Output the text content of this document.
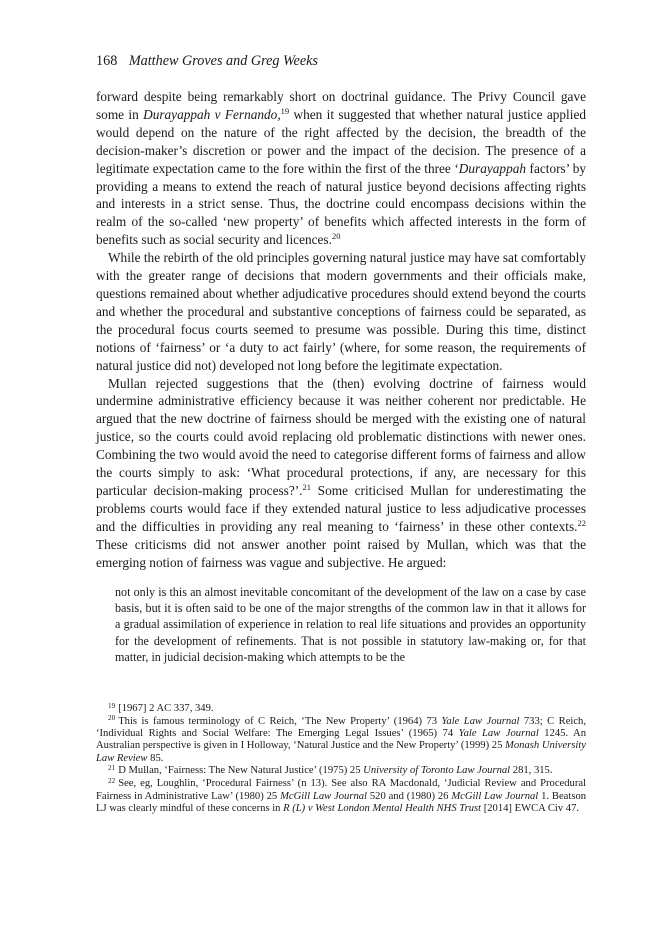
168 Matthew Groves and Greg Weeks

forward despite being remarkably short on doctrinal guidance. The Privy Council gave some in Durayappah v Fernando,$^{19}$ when it suggested that whether natural justice applied would depend on the nature of the right affected by the decision, the breadth of the decision-maker’s discretion or power and the impact of the decision. The presence of a legitimate expectation came to the fore within the first of the three ‘Durayappah factors’ by providing a means to extend the reach of natural justice beyond decisions affecting rights and interests in a strict sense. Thus, the doctrine could encompass decisions within the realm of the so-called ‘new property’ of benefits which affected interests in the form of benefits such as social security and licences.$^{20}$

While the rebirth of the old principles governing natural justice may have sat comfortably with the greater range of decisions that modern governments and their officials make, questions remained about whether adjudicative procedures should extend beyond the courts and whether the procedural and substantive conceptions of fairness could be separated, as the procedural focus courts seemed to presume was possible. During this time, distinct notions of ‘fairness’ or ‘a duty to act fairly’ (where, for some reason, the requirements of natural justice did not) developed not long before the legitimate expectation.

Mullan rejected suggestions that the (then) evolving doctrine of fairness would undermine administrative efficiency because it was neither coherent nor predictable. He argued that the new doctrine of fairness should be merged with the existing one of natural justice, so the courts could avoid replacing old problematic distinctions with newer ones. Combining the two would avoid the need to categorise different forms of fairness and allow the courts simply to ask: ‘What procedural protections, if any, are necessary for this particular decision-making process?’.$^{21}$ Some criticised Mullan for underestimating the problems courts would face if they extended natural justice to less adjudicative processes and the difficulties in providing any real meaning to ‘fairness’ in these other contexts.$^{22}$ These criticisms did not answer another point raised by Mullan, which was that the emerging notion of fairness was vague and subjective. He argued:

not only is this an almost inevitable concomitant of the development of the law on a case by case basis, but it is often said to be one of the major strengths of the common law in that it allows for a gradual assimilation of experience in relation to real life situations and provides an opportunity for the development of refinements. That is not possible in statutory law-making or, for that matter, in judicial decision-making which attempts to be the

$^{19}$ [1967] 2 AC 337, 349.

$^{20}$ This is famous terminology of C Reich, ‘The New Property’ (1964) 73 Yale Law Journal 733; C Reich, ‘Individual Rights and Social Welfare: The Emerging Legal Issues’ (1965) 74 Yale Law Journal 1245. An Australian perspective is given in I Holloway, ‘Natural Justice and the New Property’ (1999) 25 Monash University Law Review 85.

$^{21}$ D Mullan, ‘Fairness: The New Natural Justice’ (1975) 25 University of Toronto Law Journal 281, 315.

$^{22}$ See, eg, Loughlin, ‘Procedural Fairness’ (n 13). See also RA Macdonald, ‘Judicial Review and Procedural Fairness in Administrative Law’ (1980) 25 McGill Law Journal 520 and (1980) 26 McGill Law Journal 1. Beatson LJ was clearly mindful of these concerns in R (L) v West London Mental Health NHS Trust [2014] EWCA Civ 47.
